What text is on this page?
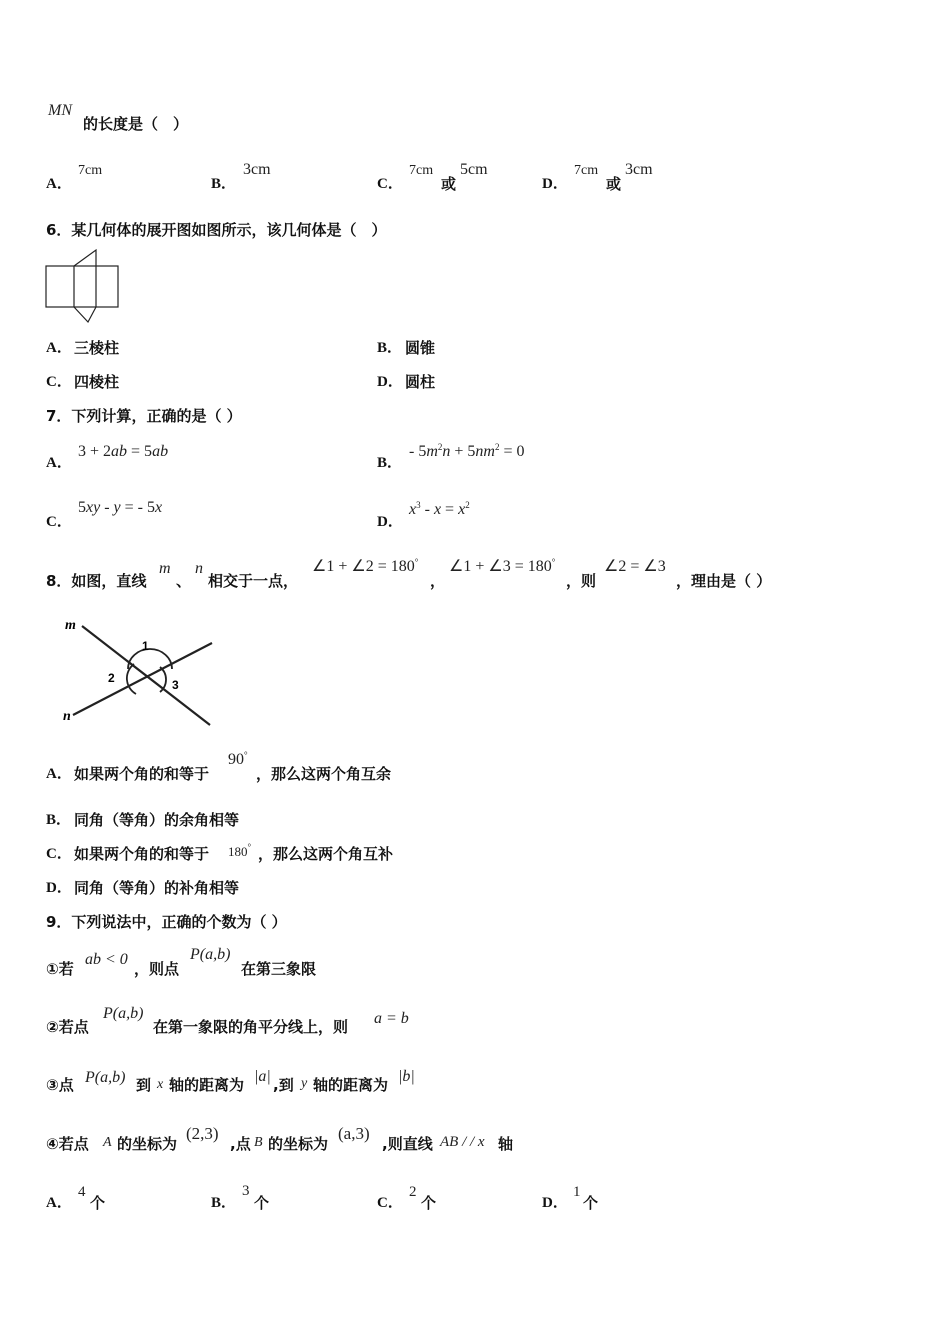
MN
的长度是（　）
A．
7cm
B．
3cm
C．
7cm
或
5cm
D．
7cm
或
3cm
6．某几何体的展开图如图所示，该几何体是（　）
A． 三棱柱	B． 圆锥
C． 四棱柱	D． 圆柱
7．下列计算，正确的是（ ）
A．
3 + 2ab = 5ab
B．
- $5m^2n + 5nm^2 = 0$
C．
5xy - y = - 5x
D．
$x^3 - x = x^2$
8．如图，直线
m
、
n
相交于一点，
∠1 + ∠2 = 180°
，
∠1 + ∠3 = 180°
，则
∠2 = ∠3
，理由是（ ）
m
n
1
2	3
A． 如果两个角的和等于
90°
，那么这两个角互余
B． 同角（等角）的余角相等
C． 如果两个角的和等于 180° ，那么这两个角互补
D． 同角（等角）的补角相等
9．下列说法中，正确的个数为（ ）
①若
ab < 0
，则点
P(a,b)
在第三象限
②若点
P(a,b)
在第一象限的角平分线上，则 a = b
③点 P(a,b) 到 x 轴的距离为 |a| ,到 y 轴的距离为 |b|
④若点 A 的坐标为
(2,3)
,点 B 的坐标为
(a,3)
,则直线 AB / / x 轴
A．
4
个	B．
3
个	C．
2
个	D．
1
个
